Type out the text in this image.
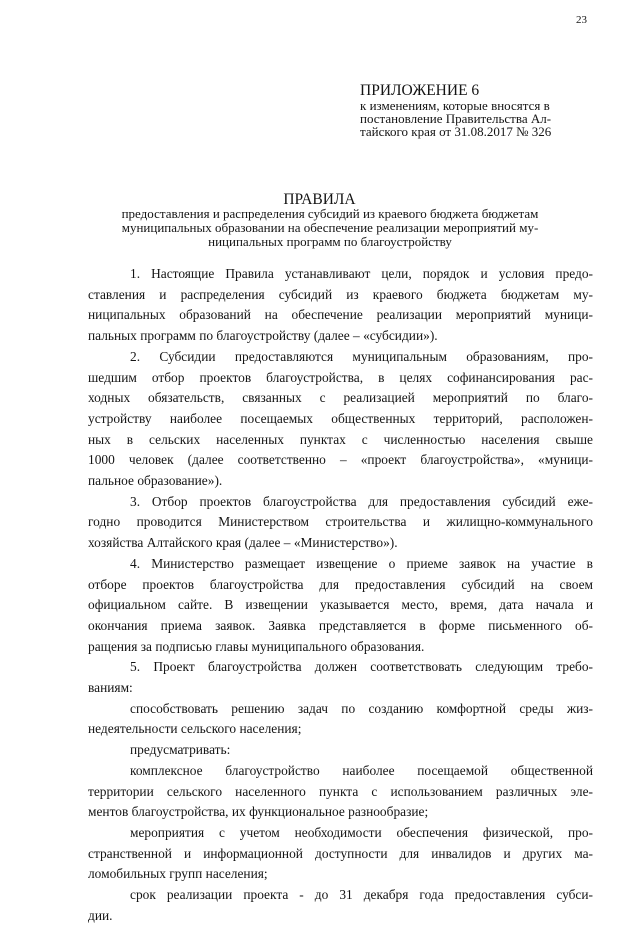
23
ПРИЛОЖЕНИЕ 6
к изменениям, которые вносятся в
постановление Правительства Ал-
тайского края от 31.08.2017 № 326
ПРАВИЛА
предоставления и распределения субсидий из краевого бюджета бюджетам
муниципальных образовании на обеспечение реализации мероприятий му-
ниципальных программ по благоустройству
1. Настоящие Правила устанавливают цели, порядок и условия предо-
ставления и распределения субсидий из краевого бюджета бюджетам му-
ниципальных образований на обеспечение реализации мероприятий муници-
пальных программ по благоустройству (далее – «субсидии»).
2. Субсидии предоставляются муниципальным образованиям, про-
шедшим отбор проектов благоустройства, в целях софинансирования рас-
ходных обязательств, связанных с реализацией мероприятий по благо-
устройству наиболее посещаемых общественных территорий, расположен-
ных в сельских населенных пунктах с численностью населения свыше
1000 человек (далее соответственно – «проект благоустройства», «муници-
пальное образование»).
3. Отбор проектов благоустройства для предоставления субсидий еже-
годно проводится Министерством строительства и жилищно-коммунального
хозяйства Алтайского края (далее – «Министерство»).
4. Министерство размещает извещение о приеме заявок на участие в
отборе проектов благоустройства для предоставления субсидий на своем
официальном сайте. В извещении указывается место, время, дата начала и
окончания приема заявок. Заявка представляется в форме письменного об-
ращения за подписью главы муниципального образования.
5. Проект благоустройства должен соответствовать следующим требо-
ваниям:
способствовать решению задач по созданию комфортной среды жиз-
недеятельности сельского населения;
предусматривать:
комплексное благоустройство наиболее посещаемой общественной
территории сельского населенного пункта с использованием различных эле-
ментов благоустройства, их функциональное разнообразие;
мероприятия с учетом необходимости обеспечения физической, про-
странственной и информационной доступности для инвалидов и других ма-
ломобильных групп населения;
срок реализации проекта - до 31 декабря года предоставления субси-
дии.
